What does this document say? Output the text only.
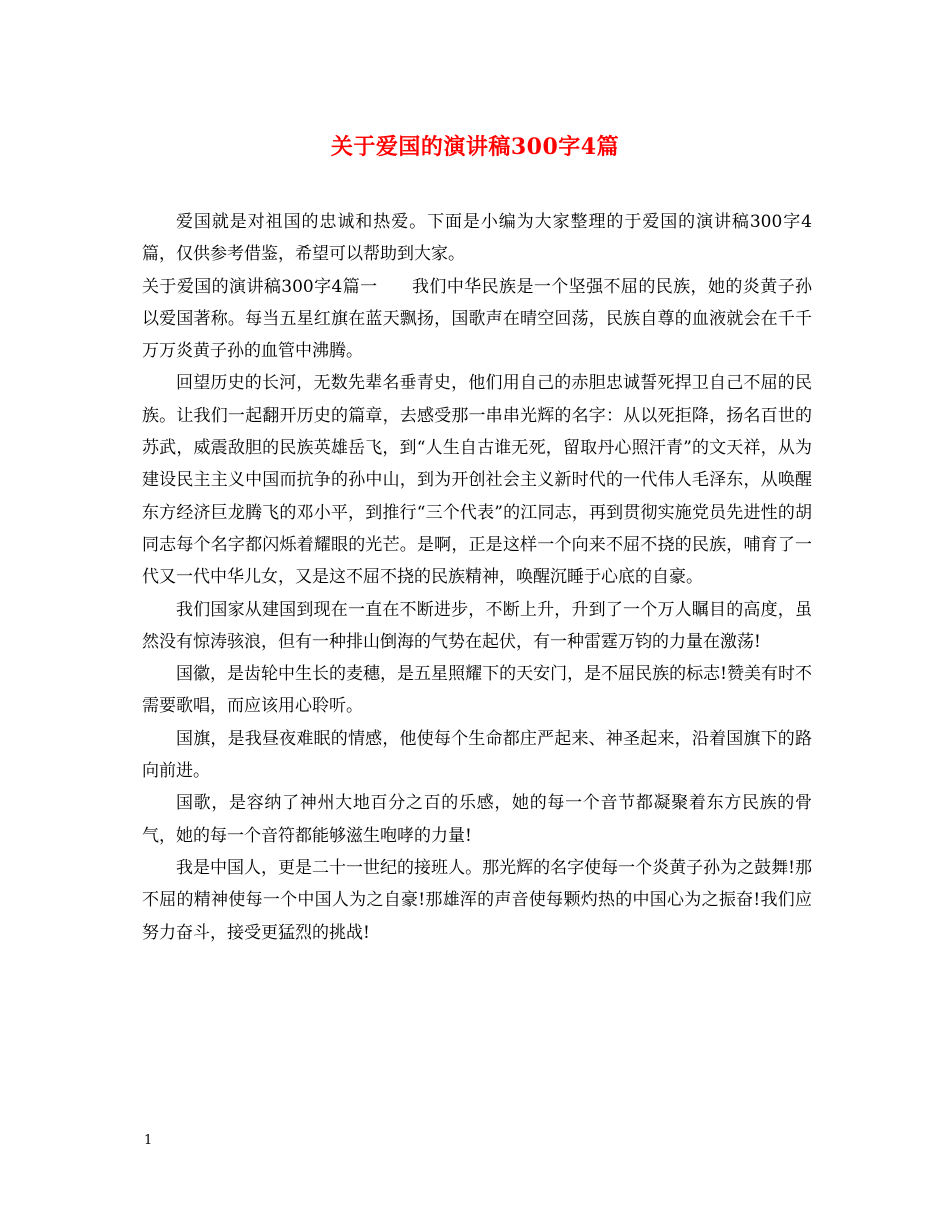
关于爱国的演讲稿300字4篇

爱国就是对祖国的忠诚和热爱。下面是小编为大家整理的于爱国的演讲稿300字4篇，仅供参考借鉴，希望可以帮助到大家。

关于爱国的演讲稿300字4篇一 我们中华民族是一个坚强不屈的民族，她的炎黄子孙以爱国著称。每当五星红旗在蓝天飘扬，国歌声在晴空回荡，民族自尊的血液就会在千千万万炎黄子孙的血管中沸腾。

回望历史的长河，无数先辈名垂青史，他们用自己的赤胆忠诚誓死捍卫自己不屈的民族。让我们一起翻开历史的篇章，去感受那一串串光辉的名字：从以死拒降，扬名百世的苏武，威震敌胆的民族英雄岳飞，到“人生自古谁无死，留取丹心照汗青”的文天祥，从为建设民主主义中国而抗争的孙中山，到为开创社会主义新时代的一代伟人毛泽东，从唤醒东方经济巨龙腾飞的邓小平，到推行“三个代表”的江同志，再到贯彻实施党员先进性的胡同志每个名字都闪烁着耀眼的光芒。是啊，正是这样一个向来不屈不挠的民族，哺育了一代又一代中华儿女，又是这不屈不挠的民族精神，唤醒沉睡于心底的自豪。

我们国家从建国到现在一直在不断进步，不断上升，升到了一个万人瞩目的高度，虽然没有惊涛骇浪，但有一种排山倒海的气势在起伏，有一种雷霆万钧的力量在激荡!

国徽，是齿轮中生长的麦穗，是五星照耀下的天安门，是不屈民族的标志!赞美有时不需要歌唱，而应该用心聆听。

国旗，是我昼夜难眠的情感，他使每个生命都庄严起来、神圣起来，沿着国旗下的路向前进。

国歌，是容纳了神州大地百分之百的乐感，她的每一个音节都凝聚着东方民族的骨气，她的每一个音符都能够滋生咆哮的力量!

我是中国人，更是二十一世纪的接班人。那光辉的名字使每一个炎黄子孙为之鼓舞!那不屈的精神使每一个中国人为之自豪!那雄浑的声音使每颗灼热的中国心为之振奋!我们应努力奋斗，接受更猛烈的挑战!

1
